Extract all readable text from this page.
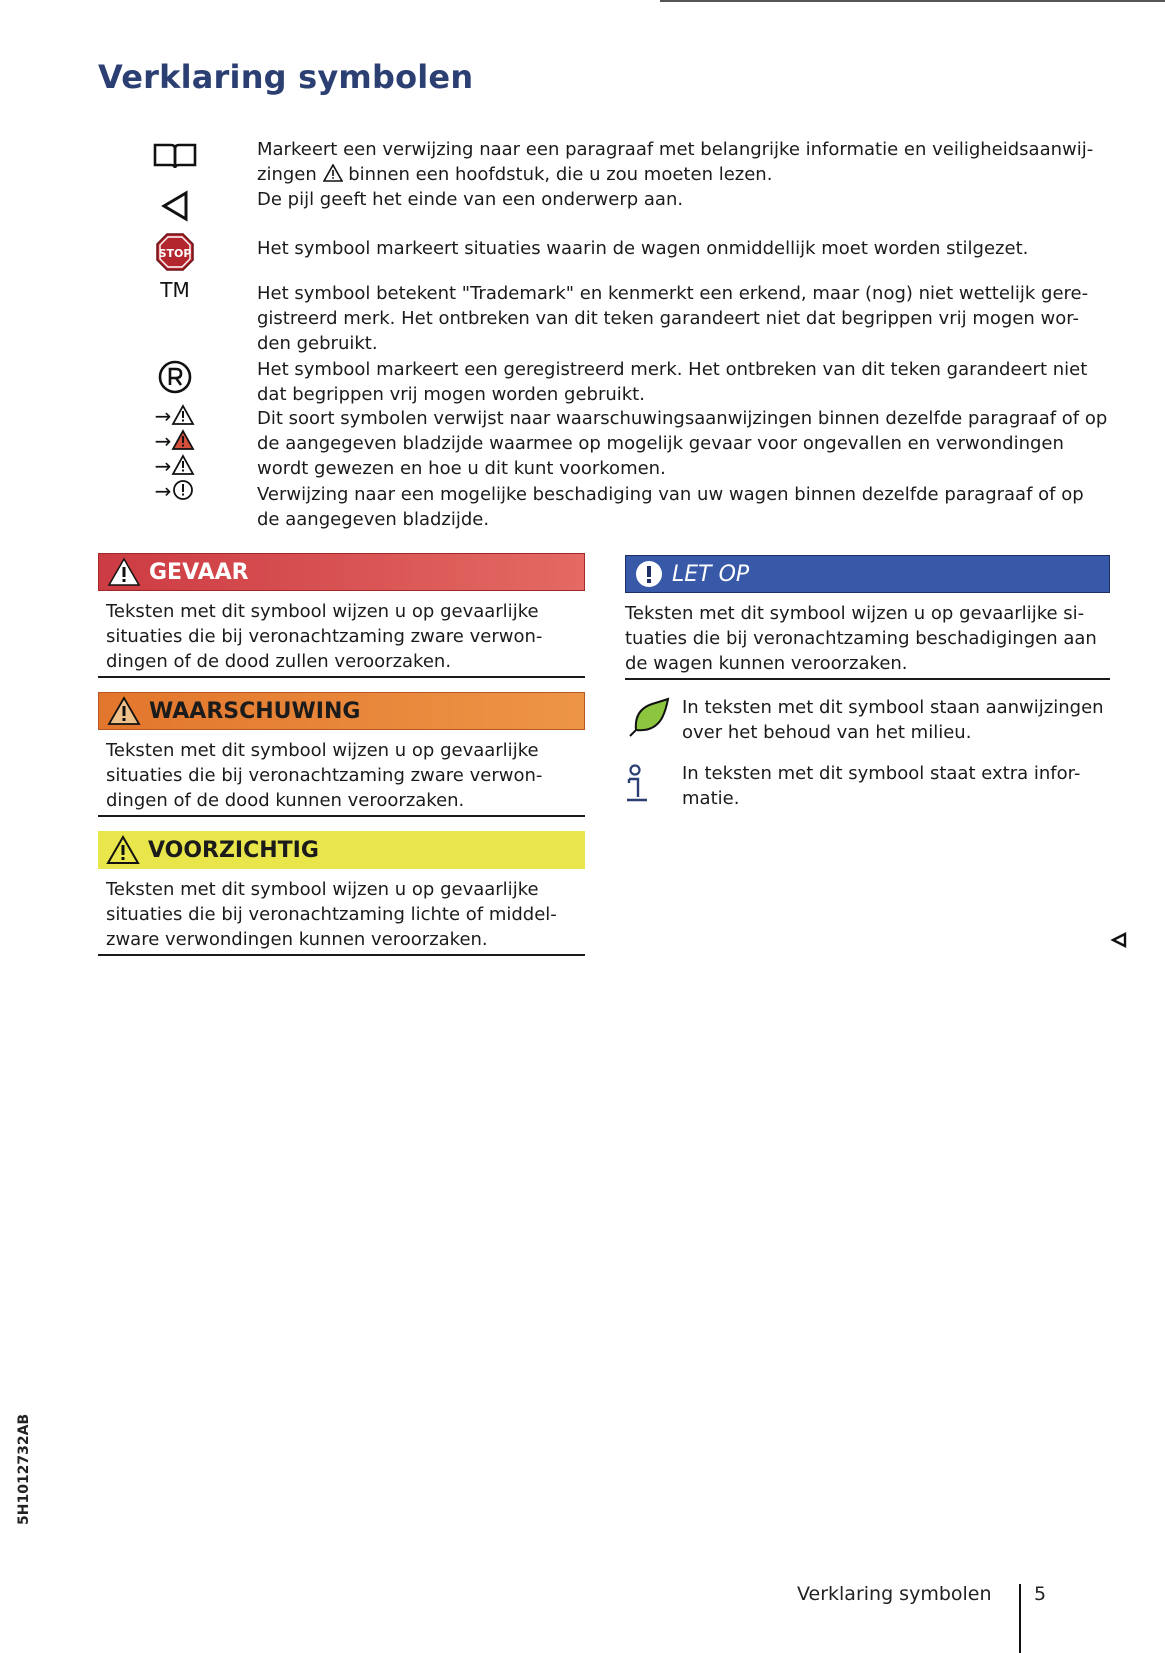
Verklaring symbolen
STOP
TM
→
→
→
→

Markeert een verwijzing naar een paragraaf met belangrijke informatie en veiligheidsaanwij-
zingen binnen een hoofdstuk, die u zou moeten lezen.

De pijl geeft het einde van een onderwerp aan.

Het symbool markeert situaties waarin de wagen onmiddellijk moet worden stilgezet.

Het symbool betekent "Trademark" en kenmerkt een erkend, maar (nog) niet wettelijk gere-gistreerd merk. Het ontbreken van dit teken garandeert niet dat begrippen vrij mogen wor-den gebruikt.

Het symbool markeert een geregistreerd merk. Het ontbreken van dit teken garandeert niet dat begrippen vrij mogen worden gebruikt.

Dit soort symbolen verwijst naar waarschuwingsaanwijzingen binnen dezelfde paragraaf of op de aangegeven bladzijde waarmee op mogelijk gevaar voor ongevallen en verwondingen wordt gewezen en hoe u dit kunt voorkomen.

Verwijzing naar een mogelijke beschadiging van uw wagen binnen dezelfde paragraaf of op de aangegeven bladzijde.

GEVAAR

Teksten met dit symbool wijzen u op gevaarlijke situaties die bij veronachtzaming zware verwon-dingen of de dood zullen veroorzaken.

WAARSCHUWING

Teksten met dit symbool wijzen u op gevaarlijke situaties die bij veronachtzaming zware verwon-dingen of de dood kunnen veroorzaken.

VOORZICHTIG

Teksten met dit symbool wijzen u op gevaarlijke situaties die bij veronachtzaming lichte of middel-zware verwondingen kunnen veroorzaken.

LET OP

Teksten met dit symbool wijzen u op gevaarlijke si-tuaties die bij veronachtzaming beschadigingen aan de wagen kunnen veroorzaken.

In teksten met dit symbool staan aanwijzingen over het behoud van het milieu.

In teksten met dit symbool staat extra infor-matie.

5H1012732AB
Verklaring symbolen 5
